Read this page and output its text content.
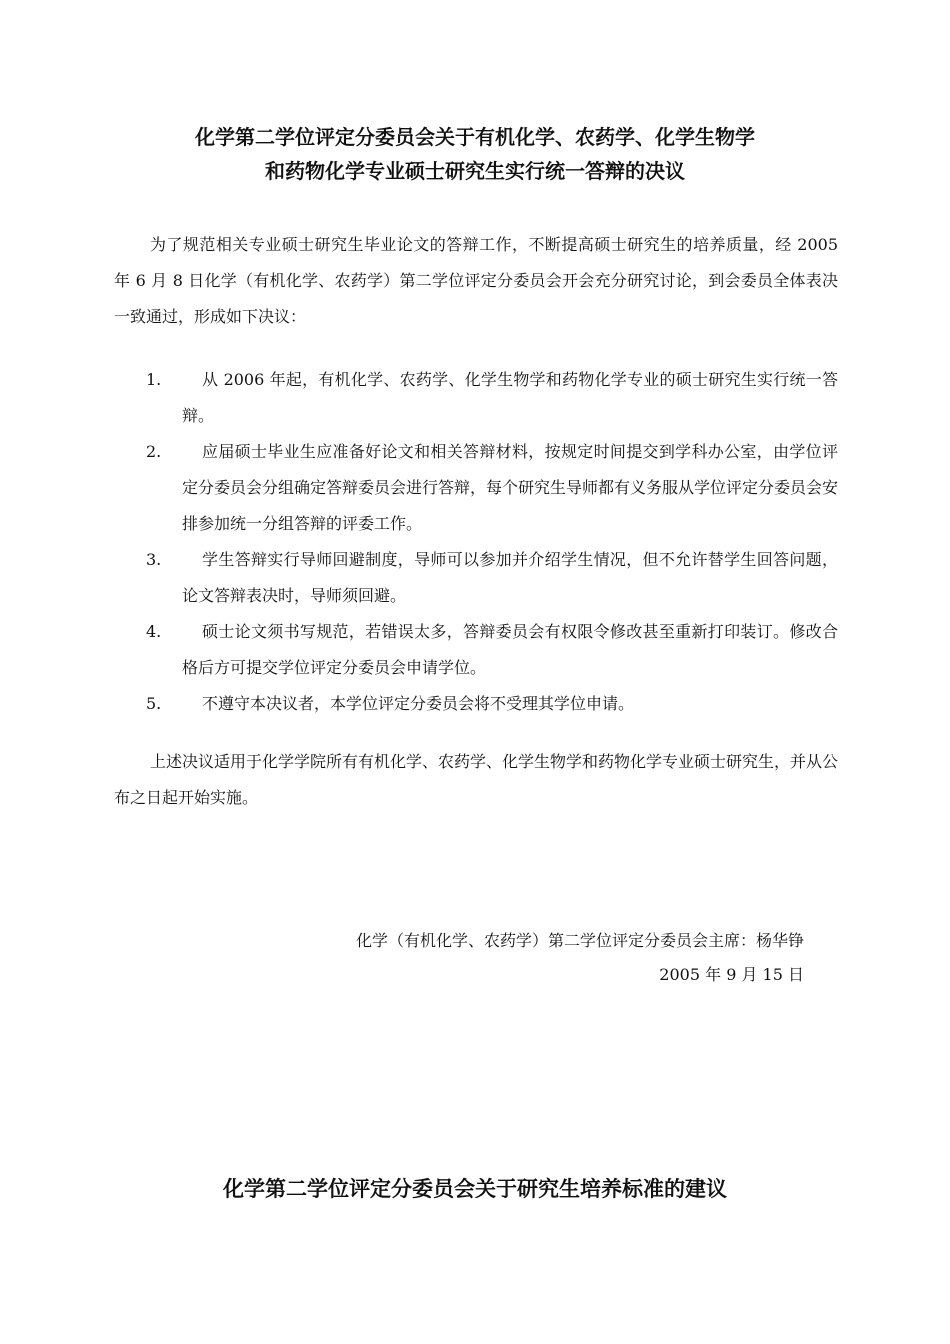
化学第二学位评定分委员会关于有机化学、农药学、化学生物学
和药物化学专业硕士研究生实行统一答辩的决议

为了规范相关专业硕士研究生毕业论文的答辩工作，不断提高硕士研究生的培养质量，经 2005 年 6 月 8 日化学（有机化学、农药学）第二学位评定分委员会开会充分研究讨论，到会委员全体表决一致通过，形成如下决议：

1.	从 2006 年起，有机化学、农药学、化学生物学和药物化学专业的硕士研究生实行统一答辩。
2.	应届硕士毕业生应准备好论文和相关答辩材料，按规定时间提交到学科办公室，由学位评定分委员会分组确定答辩委员会进行答辩，每个研究生导师都有义务服从学位评定分委员会安排参加统一分组答辩的评委工作。
3.	学生答辩实行导师回避制度，导师可以参加并介绍学生情况，但不允许替学生回答问题，论文答辩表决时，导师须回避。
4.	硕士论文须书写规范，若错误太多，答辩委员会有权限令修改甚至重新打印装订。修改合格后方可提交学位评定分委员会申请学位。
5.	不遵守本决议者，本学位评定分委员会将不受理其学位申请。

上述决议适用于化学学院所有有机化学、农药学、化学生物学和药物化学专业硕士研究生，并从公布之日起开始实施。

化学（有机化学、农药学）第二学位评定分委员会主席：杨华铮

2005 年 9 月 15 日

化学第二学位评定分委员会关于研究生培养标准的建议
